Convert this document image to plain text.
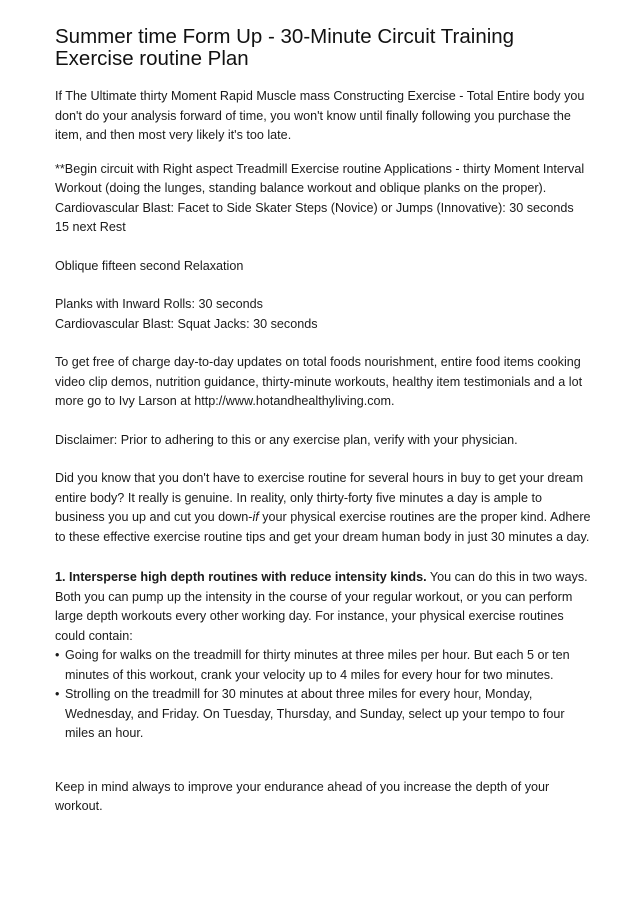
Summer time Form Up - 30-Minute Circuit Training Exercise routine Plan

If The Ultimate thirty Moment Rapid Muscle mass Constructing Exercise - Total Entire body you don't do your analysis forward of time, you won't know until finally following you purchase the item, and then most very likely it's too late.

**Begin circuit with Right aspect Treadmill Exercise routine Applications - thirty Moment Interval Workout (doing the lunges, standing balance workout and oblique planks on the proper). Cardiovascular Blast: Facet to Side Skater Steps (Novice) or Jumps (Innovative): 30 seconds
15 next Rest

Oblique fifteen second Relaxation

Planks with Inward Rolls: 30 seconds
Cardiovascular Blast: Squat Jacks: 30 seconds

To get free of charge day-to-day updates on total foods nourishment, entire food items cooking video clip demos, nutrition guidance, thirty-minute workouts, healthy item testimonials and a lot more go to Ivy Larson at http://www.hotandhealthyliving.com.

Disclaimer: Prior to adhering to this or any exercise plan, verify with your physician.

Did you know that you don't have to exercise routine for several hours in buy to get your dream entire body? It really is genuine. In reality, only thirty-forty five minutes a day is ample to business you up and cut you down-if your physical exercise routines are the proper kind. Adhere to these effective exercise routine tips and get your dream human body in just 30 minutes a day.

1. Intersperse high depth routines with reduce intensity kinds. You can do this in two ways. Both you can pump up the intensity in the course of your regular workout, or you can perform large depth workouts every other working day. For instance, your physical exercise routines could contain:

• Going for walks on the treadmill for thirty minutes at three miles per hour. But each 5 or ten minutes of this workout, crank your velocity up to 4 miles for every hour for two minutes.
• Strolling on the treadmill for 30 minutes at about three miles for every hour, Monday, Wednesday, and Friday. On Tuesday, Thursday, and Sunday, select up your tempo to four miles an hour.

Keep in mind always to improve your endurance ahead of you increase the depth of your workout.
